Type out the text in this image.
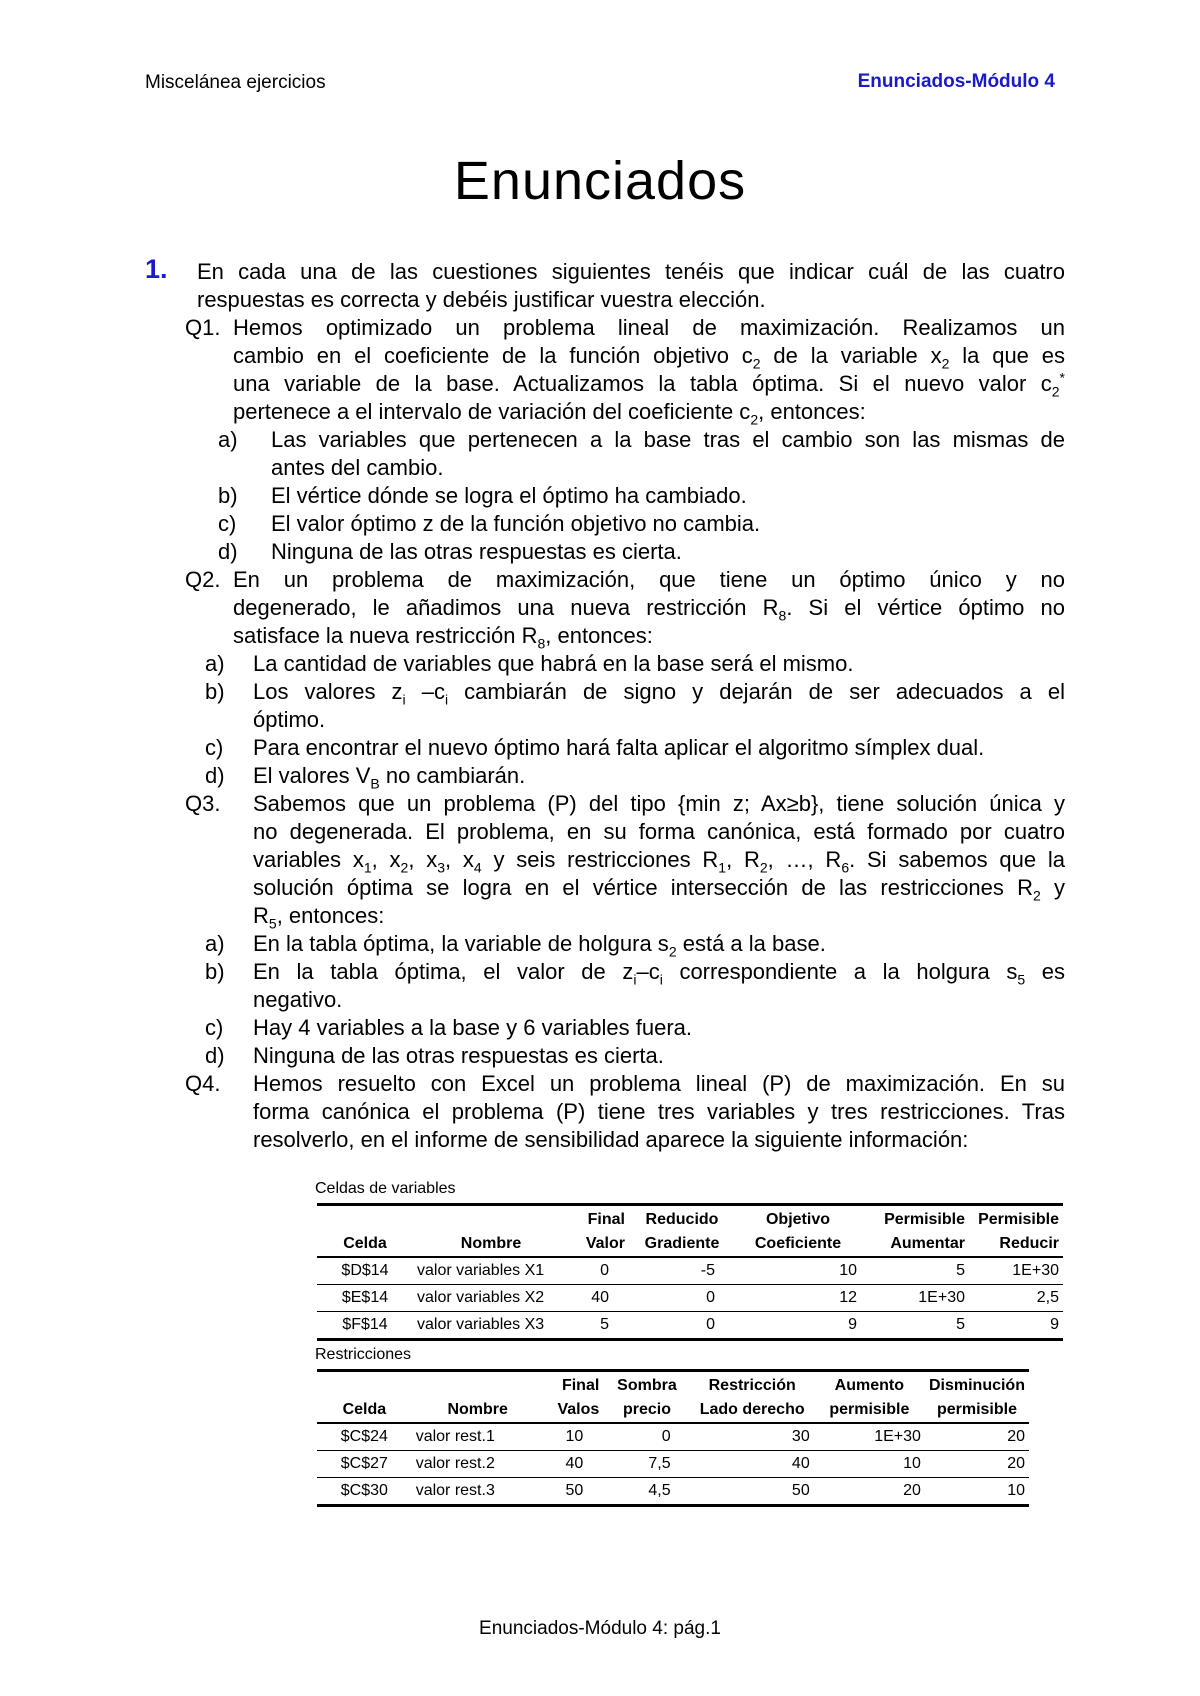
Miscelánea ejercicios	Enunciados-Módulo 4
Enunciados
1. En cada una de las cuestiones siguientes tenéis que indicar cuál de las cuatro
respuestas es correcta y debéis justificar vuestra elección.
Q1. Hemos optimizado un problema lineal de maximización. Realizamos un
cambio en el coeficiente de la función objetivo $c_2$ de la variable $x_2$ la que es
una variable de la base. Actualizamos la tabla óptima. Si el nuevo valor $c_2^*$
pertenece a el intervalo de variación del coeficiente $c_2$, entonces:
a) Las variables que pertenecen a la base tras el cambio son las mismas de
antes del cambio.
b) El vértice dónde se logra el óptimo ha cambiado.
c) El valor óptimo z de la función objetivo no cambia.
d) Ninguna de las otras respuestas es cierta.
Q2. En un problema de maximización, que tiene un óptimo único y no
degenerado, le añadimos una nueva restricción $R_8$. Si el vértice óptimo no
satisface la nueva restricción $R_8$, entonces:
a) La cantidad de variables que habrá en la base será el mismo.
b) Los valores $z_i$ $-c_i$ cambiarán de signo y dejarán de ser adecuados a el
óptimo.
c) Para encontrar el nuevo óptimo hará falta aplicar el algoritmo símplex dual.
d) El valores $V_B$ no cambiarán.
Q3. Sabemos que un problema (P) del tipo {min z; Ax≥b}, tiene solución única y
no degenerada. El problema, en su forma canónica, está formado por cuatro
variables $x_1$, $x_2$, $x_3$, $x_4$ y seis restricciones $R_1$, $R_2$, …, $R_6$. Si sabemos que la
solución óptima se logra en el vértice intersección de las restricciones $R_2$ y
$R_5$, entonces:
a) En la tabla óptima, la variable de holgura $s_2$ está a la base.
b) En la tabla óptima, el valor de $z_i-c_i$ correspondiente a la holgura $s_5$ es
negativo.
c) Hay 4 variables a la base y 6 variables fuera.
d) Ninguna de las otras respuestas es cierta.
Q4. Hemos resuelto con Excel un problema lineal (P) de maximización. En su
forma canónica el problema (P) tiene tres variables y tres restricciones. Tras
resolverlo, en el informe de sensibilidad aparece la siguiente información:
Celdas de variables
		Final	Reducido	Objetivo	Permisible	Permisible
Celda	Nombre	Valor	Gradiente	Coeficiente	Aumentar	Reducir
$D$14	valor variables X1	0	-5	10	5	1E+30
$E$14	valor variables X2	40	0	12	1E+30	2,5
$F$14	valor variables X3	5	0	9	5	9
Restricciones
		Final	Sombra	Restricción	Aumento	Disminución
Celda	Nombre	Valos	precio	Lado derecho	permisible	permisible
$C$24	valor rest.1	10	0	30	1E+30	20
$C$27	valor rest.2	40	7,5	40	10	20
$C$30	valor rest.3	50	4,5	50	20	10
Enunciados-Módulo 4: pág.1
